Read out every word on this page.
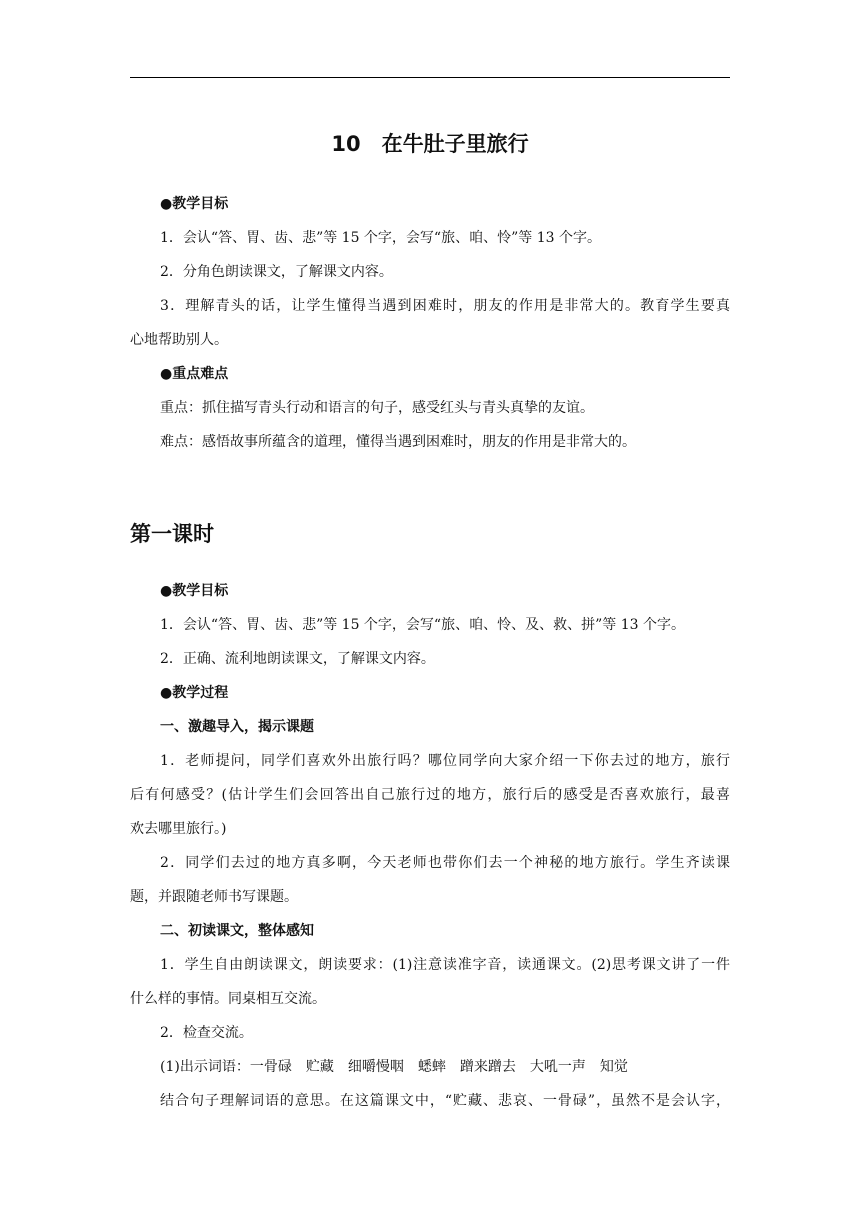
10　在牛肚子里旅行
●教学目标
1．会认“答、胃、齿、悲”等 15 个字，会写“旅、咱、怜”等 13 个字。
2．分角色朗读课文，了解课文内容。
3．理解青头的话，让学生懂得当遇到困难时，朋友的作用是非常大的。教育学生要真
心地帮助别人。
●重点难点
重点：抓住描写青头行动和语言的句子，感受红头与青头真挚的友谊。
难点：感悟故事所蕴含的道理，懂得当遇到困难时，朋友的作用是非常大的。
第一课时
●教学目标
1．会认“答、胃、齿、悲”等 15 个字，会写“旅、咱、怜、及、救、拼”等 13 个字。
2．正确、流利地朗读课文，了解课文内容。
●教学过程
一、激趣导入，揭示课题
1．老师提问，同学们喜欢外出旅行吗？哪位同学向大家介绍一下你去过的地方，旅行
后有何感受？(估计学生们会回答出自己旅行过的地方，旅行后的感受是否喜欢旅行，最喜
欢去哪里旅行。)
2．同学们去过的地方真多啊，今天老师也带你们去一个神秘的地方旅行。学生齐读课
题，并跟随老师书写课题。
二、初读课文，整体感知
1．学生自由朗读课文，朗读要求：(1)注意读准字音，读通课文。(2)思考课文讲了一件
什么样的事情。同桌相互交流。
2．检查交流。
(1)出示词语：一骨碌　贮藏　细嚼慢咽　蟋蟀　蹭来蹭去　大吼一声　知觉
结合句子理解词语的意思。在这篇课文中，“贮藏、悲哀、一骨碌”，虽然不是会认字，
